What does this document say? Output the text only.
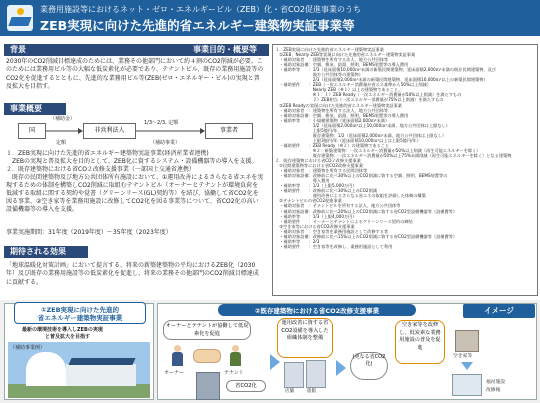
業務用施設等におけるネット・ゼロ・エネルギービル（ZEB）化・省CO2促進事業のうち
ZEB実現に向けた先進的省エネルギー建築物実証事業等
背景
2030年のCO2削減目標達成のためには、業務その他部門において約４割のCO2削減が必要。このためには業務用ビル等の大幅な低炭素化が必要であり、テナントビル、既存の業務用施設等のCO2化を促進するとともに、先進的な業務用ビル等(ZEB(ゼロ・エネルギー・ビル)の実現と普及拡大を目指す。
事業概要
国	非営利法人	事業者
（補助金）
定額
1/3〜2/3, 定額
（補助事業）
１．ZEB実現に向けた先進的省エネルギー建築物実証事業(経済産業省連携)
　ZEBの実現と普及拡大を目的として、ZEB化に資するシステム・設備機器等の導入を支援。
２．既存建築物における省CO２改修支援事業（一部国土交通省連携）
　既存の民間建築物及び地方公共団体所有施設において、①運用改善によるさらなる省エネを実現するための体制を構築しCO2削減に取組むテナントビル（オーナーとテナントが環境負荷を低減する取組に関する契約や覚書（グリーンリース(GL)契約等）を結び、協働して省CO2化を図る事業、②空き家等を業務用施設に改修してCO2化を図る事業等について、省CO2化の高い設備機器等の導入を支援。
事業実施期間：31年度（2019年度）〜35年度（2023年度）
期待される効果
「地球温暖化対策計画」において提言する、将来の新築建築物の平均におけるZEB化（2030年）及び既存の業務用施設等の低炭素化を促進し、将来の業務その他部門のCO2削減目標達成に貢献する。
事業目的・概要等	１．ZEB実現に向けた先進的省エネルギー建築物実証事業
　①ZEB、Nearly ZEB等実現に向けた先進的省エネルギー建築物実証事業
　・補助対象者　：建築物を所有する法人、地方公共団体等
　・補助対象設備：空調、換気、給湯、照明、BEMS装置等の導入費用
　・補助率等　　：1/3（延床面積10,000ｍ²未満の新築民間建築物、延床面積2,000ｍ²未満の既存民間建築物、及び
　　　　　　　　　地方公共団体等の建築物）
　　　　　　　　　2/3（延床面積2,000ｍ²未満の新築民間建築物、延床面積10,000ｍ²以上の新築民間建築物）
　・補助要件　　：ZEB（一次エネルギー消費量が省エネ基準から50%以上削減）
　　　　　　　　　Nearly ZEB（※１）以上の建築物であること。
　　　　　　　　　※１：１）ZEB Ready（一次エネルギー消費量が50%以上削減）を満たすもの
　　　　　　　　　２）ZEB相当（一次エネルギー消費量が75%以上削減）を満たすもの
　②ZEB Readyの実現に向けた先進的省エネルギー建築物実証事業
　・補助対象者　：建築物を所有する法人、地方公共団体等
　・補助対象設備：空調、換気、給湯、照明、BEMS装置等の導入費用
　・補助率等　　：小規模建築物（延床面積2,000ｍ²未満）
　　　　　　　　　1/2（延床面積2,000ｍ²以上10,000ｍ²未満、地方公共団体は上限なし）
　　　　　　　　　上限5億円/年
　　　　　　　　　既存建築物：1/2（延床面積2,000ｍ²未満、地方公共団体は上限なし）
　　　　　　　　　上限3億円/年（延床面積10,000ｍ²以上は上限5億円/年）
　・補助要件　　：ZEB Ready（※２）の建築物であること
　　　　　　　　　※２：新築建築物：一次エネルギー消費量が50%以上削減（再生可能エネルギーを除く）
　　　　　　　　　既存建築物：一次エネルギー消費量が50%以上75%未満削減（再生可能エネルギーを除く）となる建築物
２．既存建築物における省CO２改修支援事業
　①民間建築物等における省CO2改修支援事業
　・補助対象者　：建築物を所有する民間団体等
　・補助対象設備：改修前に比べ30%以上のCO2削減に資する空調、照明、BEMS装置等の
　　　　　　　　　導入費用
　・補助率等　　：1/3（上限5,000万円）
　・補助要件　　：改修前に比べ30%以上のCO2削減
　　　　　　　　　運用改善によるさらなる省エネの取組を評価した体制の構築
　②テナントビルの省CO2促進事業
　・補助対象者　：テナントビルを所有する法人、地方公共団体等
　・補助対象設備：改修前に比べ20%以上のCO2削減に資する省CO2型設備機器等（設備費等）
　・補助率等　　：1/3（上限4,000万円）
　・補助要件　　：オーナーとテナントによるグリーンリース契約の締結
　③空き家等における省CO2改修支援事業
　・補助対象者　：空き家等を業務用施設として改修する者
　・補助対象設備：改修前に比べ15%以上のCO2削減に資する省CO2型設備機器等（設備費等）
　・補助率等　　：2/3
　・補助要件　　：空き家等を改修し、業務用施設として利用
①ZEB実現に向けた先進的
省エネルギー建築物実証事業
最新の環境技術を導入しZEBの実現
と普及拡大を目指す
（補助事業例）
②既存建築物における省CO2改修支援事業	イメージ
オーナーとテナントが協働して低炭素化を促進
オーナー	テナント
省CO2化
運用改善に資する省CO2設備を導入した組織体制を整備
店舗	旅館
(更なる省CO2化)
空き家等を改修し、低炭素な業務用施設の普及を促進
空き家等
福祉施設
改修後
